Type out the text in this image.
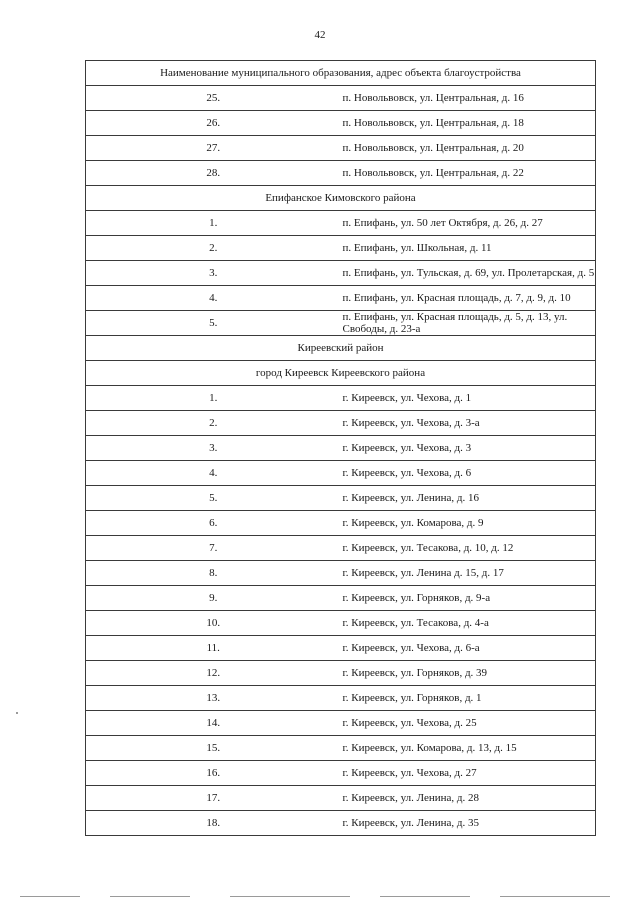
42
Наименование муниципального образования, адрес объекта благоустройства	
25.	п. Новольвовск, ул. Центральная, д. 16
26.	п. Новольвовск, ул. Центральная, д. 18
27.	п. Новольвовск, ул. Центральная, д. 20
28.	п. Новольвовск, ул. Центральная, д. 22
Епифанское Кимовского района	
1.	п. Епифань, ул. 50 лет Октября, д. 26, д. 27
2.	п. Епифань, ул. Школьная, д. 11
3.	п. Епифань, ул. Тульская, д. 69, ул. Пролетарская, д. 5
4.	п. Епифань, ул. Красная площадь, д. 7, д. 9, д. 10
5.	п. Епифань, ул. Красная площадь, д. 5, д. 13, ул. Свободы, д. 23-а
Киреевский район	
город Киреевск Киреевского района	
1.	г. Киреевск, ул. Чехова, д. 1
2.	г. Киреевск, ул. Чехова, д. 3-а
3.	г. Киреевск, ул. Чехова, д. 3
4.	г. Киреевск, ул. Чехова, д. 6
5.	г. Киреевск, ул. Ленина, д. 16
6.	г. Киреевск, ул. Комарова, д. 9
7.	г. Киреевск, ул. Тесакова, д. 10, д. 12
8.	г. Киреевск, ул. Ленина д. 15, д. 17
9.	г. Киреевск, ул. Горняков, д. 9-а
10.	г. Киреевск, ул. Тесакова, д. 4-а
11.	г. Киреевск, ул. Чехова, д. 6-а
12.	г. Киреевск, ул. Горняков, д. 39
13.	г. Киреевск, ул. Горняков, д. 1
14.	г. Киреевск, ул. Чехова, д. 25
15.	г. Киреевск, ул. Комарова, д. 13, д. 15
16.	г. Киреевск, ул. Чехова, д. 27
17.	г. Киреевск, ул. Ленина, д. 28
18.	г. Киреевск, ул. Ленина, д. 35
